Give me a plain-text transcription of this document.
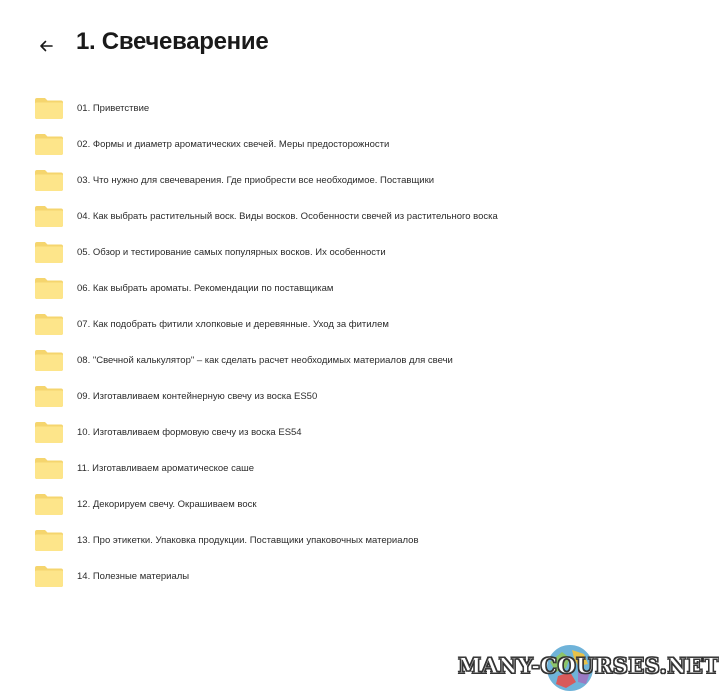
1. Свечеварение
01. Приветствие
02. Формы и диаметр ароматических свечей. Меры предосторожности
03. Что нужно для свечеварения. Где приобрести все необходимое. Поставщики
04. Как выбрать растительный воск. Виды восков. Особенности свечей из растительного воска
05. Обзор и тестирование самых популярных восков. Их особенности
06. Как выбрать ароматы. Рекомендации по поставщикам
07. Как подобрать фитили хлопковые и деревянные. Уход за фитилем
08. "Свечной калькулятор" – как сделать расчет необходимых материалов для свечи
09. Изготавливаем контейнерную свечу из воска ES50
10. Изготавливаем формовую свечу из воска ES54
11. Изготавливаем ароматическое саше
12. Декорируем свечу. Окрашиваем воск
13. Про этикетки. Упаковка продукции. Поставщики упаковочных материалов
14. Полезные материалы
MANY-COURSES.NET
